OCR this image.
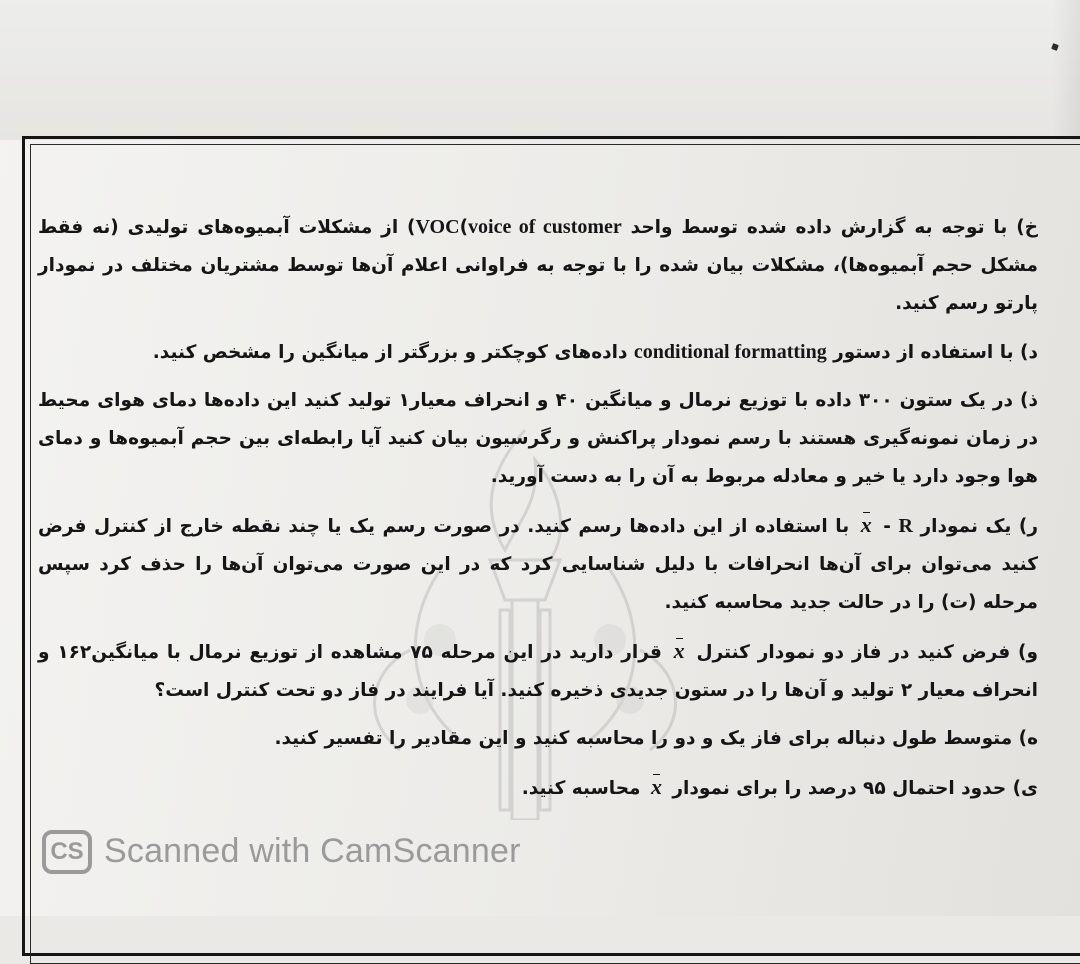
خ) با توجه به گزارش داده شده توسط واحد VOC(voice of customer) از مشکلات آبمیوه‌های تولیدی (نه فقط مشکل حجم آبمیوه‌ها)، مشکلات بیان شده را با توجه به فراوانی اعلام آن‌ها توسط مشتریان مختلف در نمودار پارتو رسم کنید.

د) با استفاده از دستور conditional formatting داده‌های کوچکتر و بزرگتر از میانگین را مشخص کنید.

ذ) در یک ستون ۳۰۰ داده با توزیع نرمال و میانگین ۴۰ و انحراف معیار۱ تولید کنید این داده‌ها دمای هوای محیط در زمان نمونه‌گیری هستند با رسم نمودار پراکنش و رگرسیون بیان کنید آیا رابطه‌ای بین حجم آبمیوه‌ها و دمای هوا وجود دارد یا خیر و معادله مربوط به آن را به دست آورید.

ر) یک نمودار R - x با استفاده از این داده‌ها رسم کنید. در صورت رسم یک یا چند نقطه خارج از کنترل فرض کنید می‌توان برای آن‌ها انحرافات با دلیل شناسایی کرد که در این صورت می‌توان آن‌ها را حذف کرد سپس مرحله (ت) را در حالت جدید محاسبه کنید.

و) فرض کنید در فاز دو نمودار کنترل x قرار دارید در این مرحله ۷۵ مشاهده از توزیع نرمال با میانگین۱۶۲ و انحراف معیار ۲ تولید و آن‌ها را در ستون جدیدی ذخیره کنید. آیا فرایند در فاز دو تحت کنترل است؟

ه) متوسط طول دنباله برای فاز یک و دو را محاسبه کنید و این مقادیر را تفسیر کنید.

ی) حدود احتمال ۹۵ درصد را برای نمودار x محاسبه کنید.

CS Scanned with CamScanner
